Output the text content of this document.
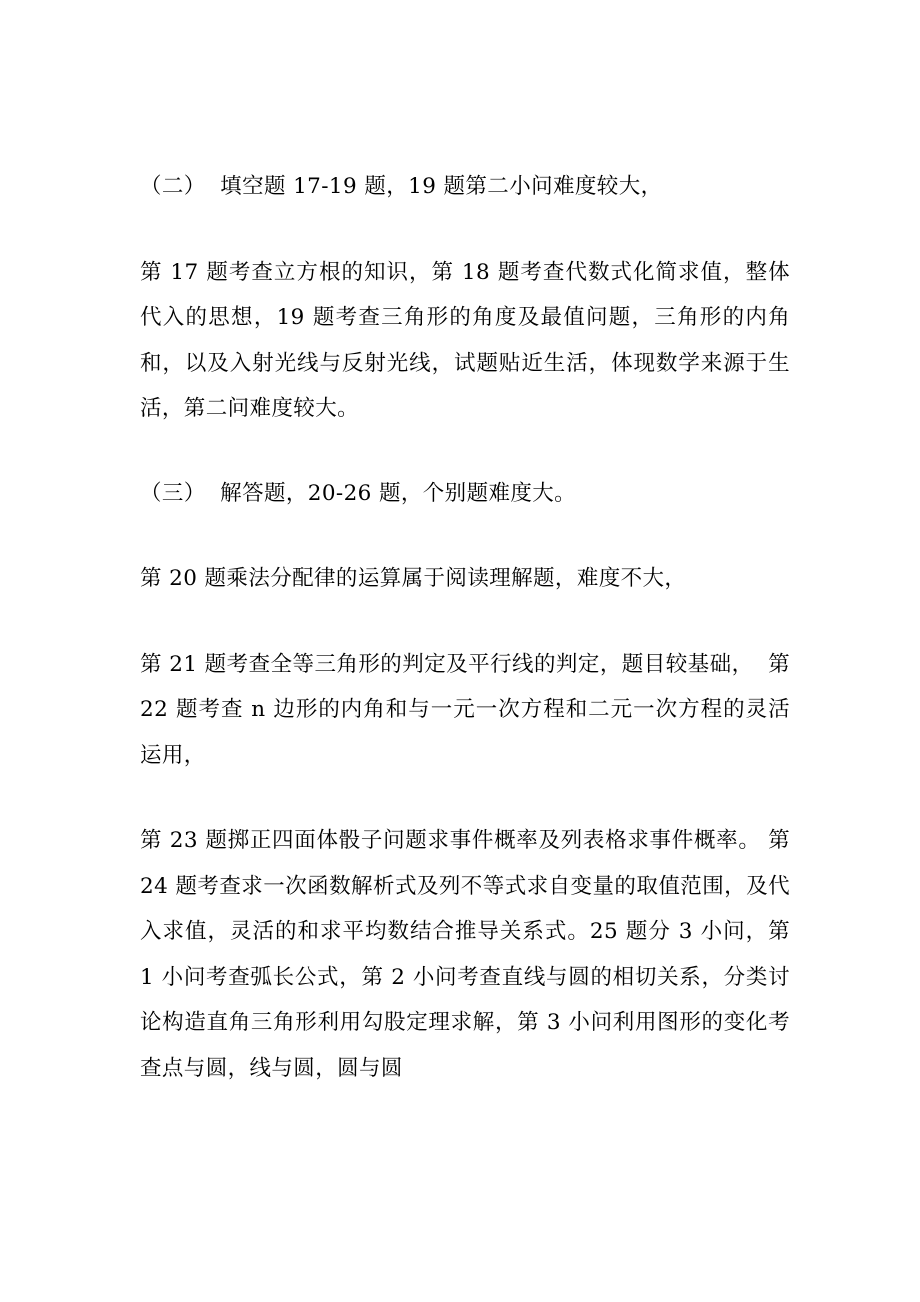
（二）  填空题 17-19 题，19 题第二小问难度较大，

第 17 题考查立方根的知识，第 18 题考查代数式化简求值，整体代入的思想，19 题考查三角形的角度及最值问题，三角形的内角和，以及入射光线与反射光线，试题贴近生活，体现数学来源于生活，第二问难度较大。

（三）  解答题，20-26 题，个别题难度大。

第 20 题乘法分配律的运算属于阅读理解题，难度不大，

第 21 题考查全等三角形的判定及平行线的判定，题目较基础，  第 22 题考查 n 边形的内角和与一元一次方程和二元一次方程的灵活运用，

第 23 题掷正四面体骰子问题求事件概率及列表格求事件概率。 第 24 题考查求一次函数解析式及列不等式求自变量的取值范围，及代入求值，灵活的和求平均数结合推导关系式。25 题分 3 小问，第 1 小问考查弧长公式，第 2 小问考查直线与圆的相切关系，分类讨论构造直角三角形利用勾股定理求解，第 3 小问利用图形的变化考查点与圆，线与圆，圆与圆
